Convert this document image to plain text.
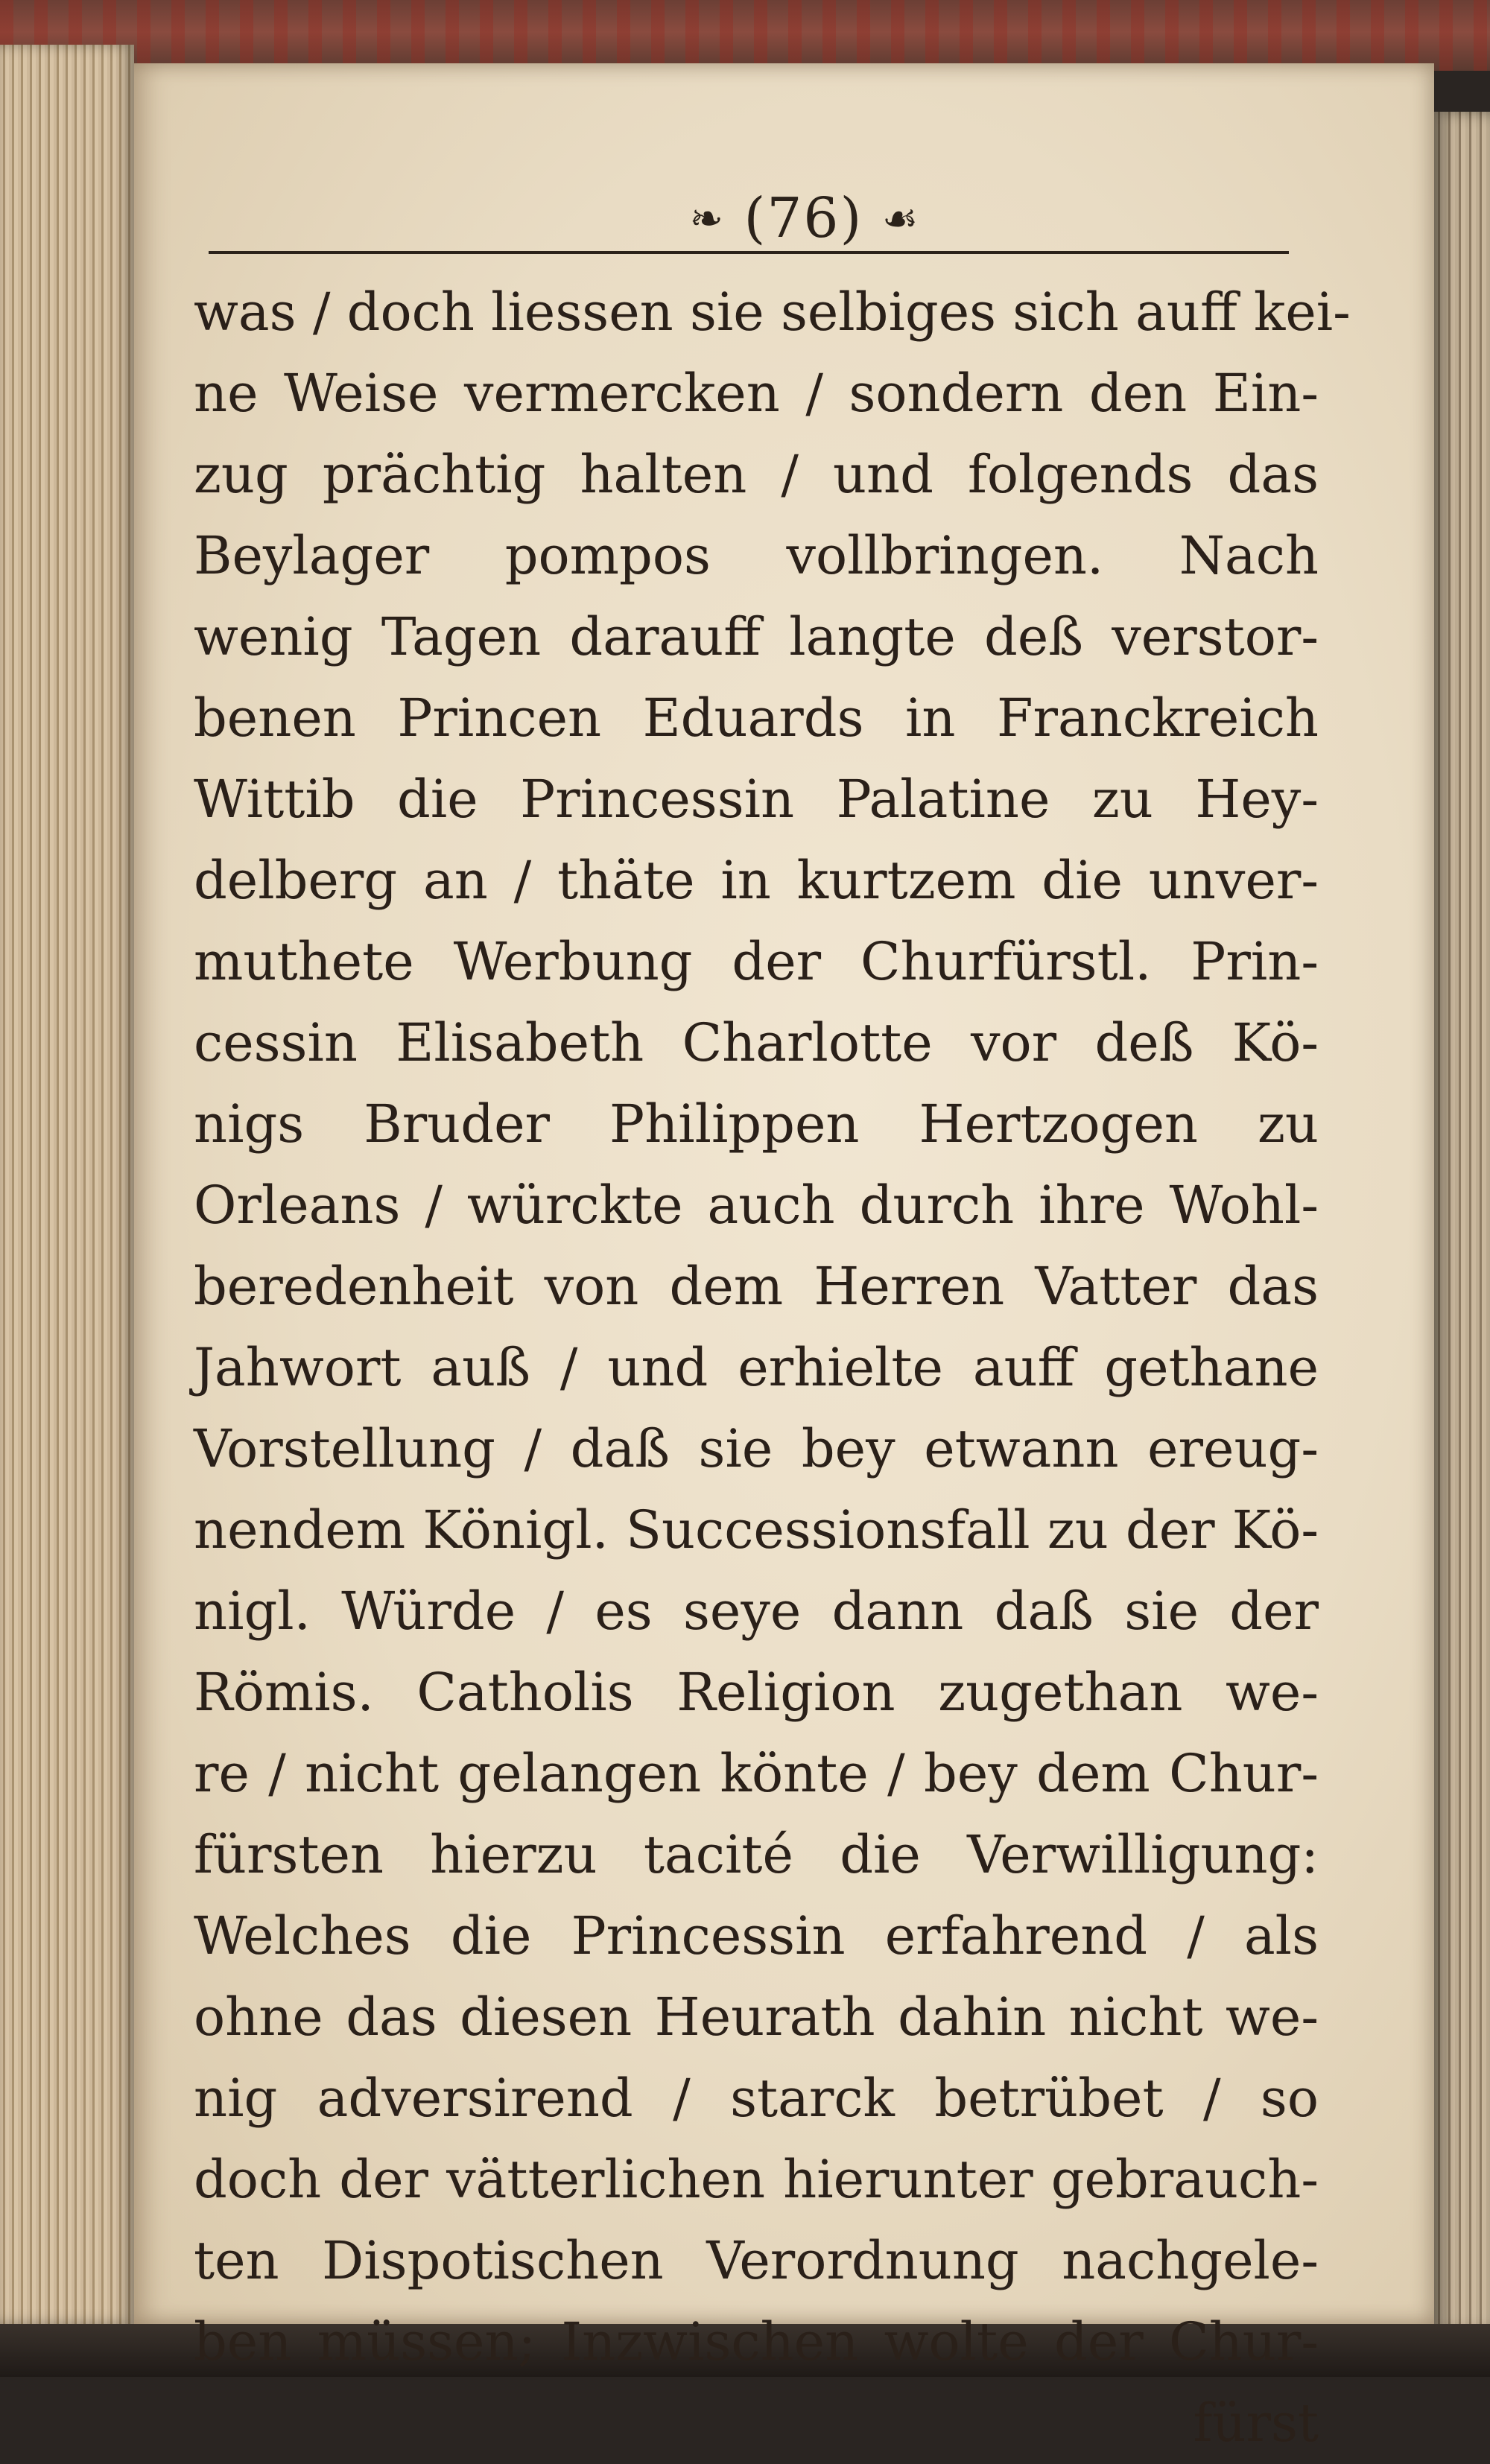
❧ (76) ☙
was / doch liessen sie selbiges sich auff kei-
ne Weise vermercken / sondern den Ein-
zug prächtig halten / und folgends das
Beylager pompos vollbringen. Nach
wenig Tagen darauff langte deß verstor-
benen Princen Eduards in Franckreich
Wittib die Princessin Palatine zu Hey-
delberg an / thäte in kurtzem die unver-
muthete Werbung der Churfürstl. Prin-
cessin Elisabeth Charlotte vor deß Kö-
nigs Bruder Philippen Hertzogen zu
Orleans / würckte auch durch ihre Wohl-
beredenheit von dem Herren Vatter das
Jahwort auß / und erhielte auff gethane
Vorstellung / daß sie bey etwann ereug-
nendem Königl. Successionsfall zu der Kö-
nigl. Würde / es seye dann daß sie der
Römis. Catholis Religion zugethan we-
re / nicht gelangen könte / bey dem Chur-
fürsten hierzu tacité die Verwilligung:
Welches die Princessin erfahrend / als
ohne das diesen Heurath dahin nicht we-
nig adversirend / starck betrübet / so
doch der vätterlichen hierunter gebrauch-
ten Dispotischen Verordnung nachgele-
ben müssen; Inzwischen wolte der Chur-
fürst
